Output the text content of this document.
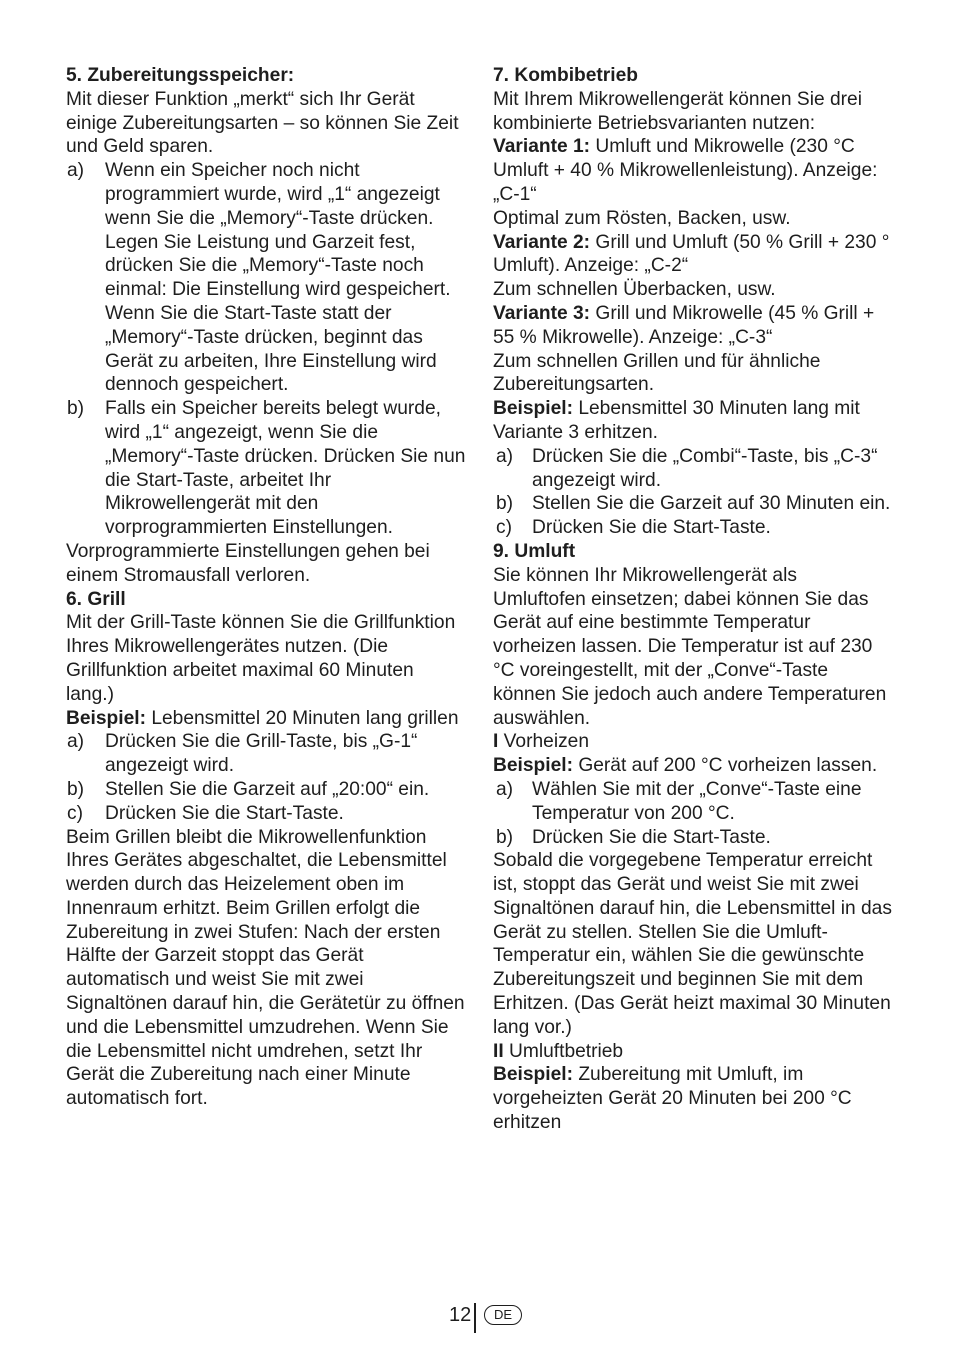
5. Zubereitungsspeicher:
Mit dieser Funktion „merkt“ sich Ihr Gerät einige Zubereitungsarten – so können Sie Zeit und Geld sparen.
a) Wenn ein Speicher noch nicht programmiert wurde, wird „1“ angezeigt wenn Sie die „Memory“-Taste drücken. Legen Sie Leistung und Garzeit fest, drücken Sie die „Memory“-Taste noch einmal: Die Einstellung wird gespeichert. Wenn Sie die Start-Taste statt der „Memory“-Taste drücken, beginnt das Gerät zu arbeiten, Ihre Einstellung wird dennoch gespeichert.
b) Falls ein Speicher bereits belegt wurde, wird „1“ angezeigt, wenn Sie die „Memory“-Taste drücken. Drücken Sie nun die Start-Taste, arbeitet Ihr Mikrowellengerät mit den vorprogrammierten Einstellungen.
Vorprogrammierte Einstellungen gehen bei einem Stromausfall verloren.
6. Grill
Mit der Grill-Taste können Sie die Grillfunktion Ihres Mikrowellengerätes nutzen. (Die Grillfunktion arbeitet maximal 60 Minuten lang.)
Beispiel: Lebensmittel 20 Minuten lang grillen
a) Drücken Sie die Grill-Taste, bis „G-1“ angezeigt wird.
b) Stellen Sie die Garzeit auf „20:00“ ein.
c) Drücken Sie die Start-Taste.
Beim Grillen bleibt die Mikrowellenfunktion Ihres Gerätes abgeschaltet, die Lebensmittel werden durch das Heizelement oben im Innenraum erhitzt. Beim Grillen erfolgt die Zubereitung in zwei Stufen: Nach der ersten Hälfte der Garzeit stoppt das Gerät automatisch und weist Sie mit zwei Signaltönen darauf hin, die Gerätetür zu öffnen und die Lebensmittel umzudrehen. Wenn Sie die Lebensmittel nicht umdrehen, setzt Ihr Gerät die Zubereitung nach einer Minute automatisch fort.
7. Kombibetrieb
Mit Ihrem Mikrowellengerät können Sie drei kombinierte Betriebsvarianten nutzen:
Variante 1: Umluft und Mikrowelle (230 °C Umluft + 40 % Mikrowellenleistung). Anzeige: „C-1“
Optimal zum Rösten, Backen, usw.
Variante 2: Grill und Umluft (50 % Grill + 230 ° Umluft). Anzeige: „C-2“
Zum schnellen Überbacken, usw.
Variante 3: Grill und Mikrowelle (45 % Grill + 55 % Mikrowelle). Anzeige: „C-3“
Zum schnellen Grillen und für ähnliche Zubereitungsarten.
Beispiel: Lebensmittel 30 Minuten lang mit Variante 3 erhitzen.
a) Drücken Sie die „Combi“-Taste, bis „C-3“ angezeigt wird.
b) Stellen Sie die Garzeit auf 30 Minuten ein.
c) Drücken Sie die Start-Taste.
9. Umluft
Sie können Ihr Mikrowellengerät als Umluftofen einsetzen; dabei können Sie das Gerät auf eine bestimmte Temperatur vorheizen lassen. Die Temperatur ist auf 230 °C voreingestellt, mit der „Conve“-Taste können Sie jedoch auch andere Temperaturen auswählen.
I Vorheizen
Beispiel: Gerät auf 200 °C vorheizen lassen.
a) Wählen Sie mit der „Conve“-Taste eine Temperatur von 200 °C.
b) Drücken Sie die Start-Taste.
Sobald die vorgegebene Temperatur erreicht ist, stoppt das Gerät und weist Sie mit zwei Signaltönen darauf hin, die Lebensmittel in das Gerät zu stellen. Stellen Sie die Umluft-Temperatur ein, wählen Sie die gewünschte Zubereitungszeit und beginnen Sie mit dem Erhitzen. (Das Gerät heizt maximal 30 Minuten lang vor.)
II Umluftbetrieb
Beispiel: Zubereitung mit Umluft, im vorgeheizten Gerät 20 Minuten bei 200 °C erhitzen
12	DE
